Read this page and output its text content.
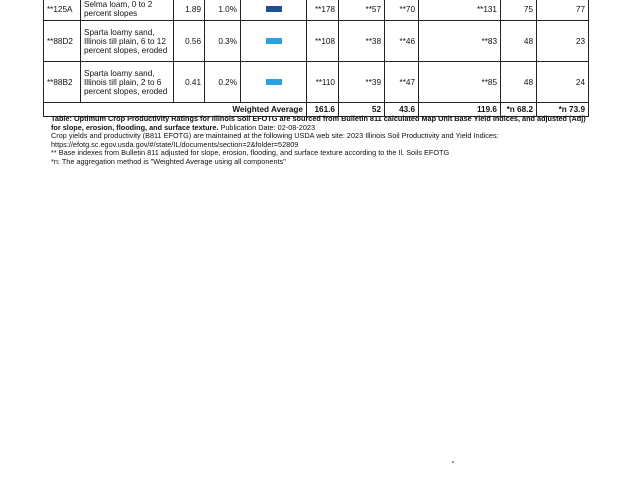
**125A	Selma loam, 0 to 2 percent slopes	1.89	1.0%		**178	**57	**70	**131	75	77
**88D2	Sparta loamy sand, Illinois till plain, 6 to 12 percent slopes, eroded	0.56	0.3%		**108	**38	**46	**83	48	23
**88B2	Sparta loamy sand, Illinois till plain, 2 to 6 percent slopes, eroded	0.41	0.2%		**110	**39	**47	**85	48	24
Weighted Average					161.6	52	43.6	119.6	*n 68.2	*n 73.9
Table: Optimum Crop Productivity Ratings for Illinois Soil EFOTG are sourced from Bulletin 811 calculated Map Unit Base Yield Indices, and adjusted (Adj) for slope, erosion, flooding, and surface texture. Publication Date: 02-08-2023
Crop yields and productivity (B811 EFOTG) are maintained at the following USDA web site: 2023 Illinois Soil Productivity and Yield Indices: https://efotg.sc.egov.usda.gov/#/state/IL/documents/section=2&folder=52809
** Base indexes from Bulletin 811 adjusted for slope, erosion, flooding, and surface texture according to the Il. Soils EFOTG
*n: The aggregation method is "Weighted Average using all components"
